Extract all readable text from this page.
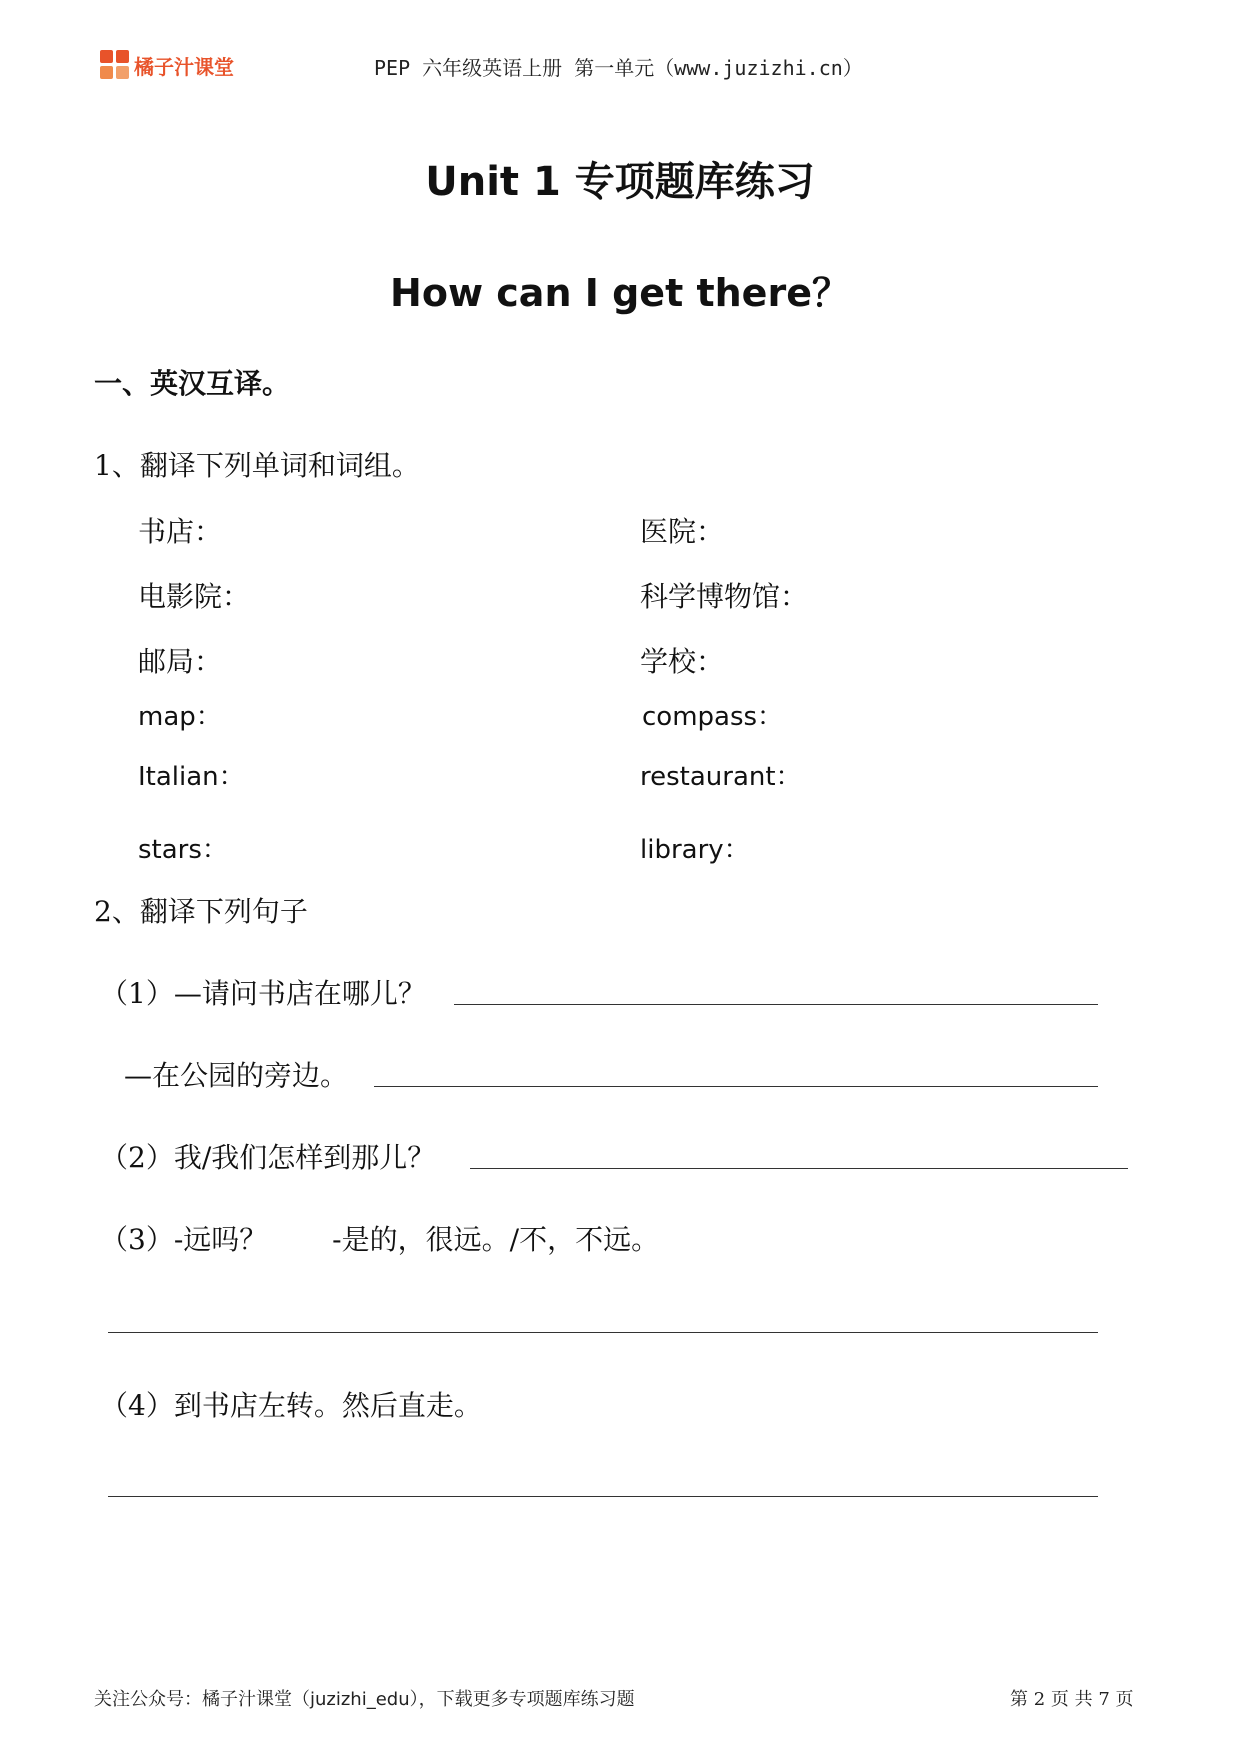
橘子汁课堂	PEP 六年级英语上册 第一单元（www.juzizhi.cn）
Unit 1 专项题库练习
How can I get there？
一、英汉互译。
1、翻译下列单词和词组。
书店：	医院：
电影院：	科学博物馆：
邮局：	学校：
map：	compass：
Italian：	restaurant：
stars：	library：
2、翻译下列句子
（1）—请问书店在哪儿？
—在公园的旁边。
（2）我/我们怎样到那儿？
（3）-远吗？　　 -是的，很远。/不，不远。
（4）到书店左转。然后直走。
关注公众号：橘子汁课堂（juzizhi_edu），下载更多专项题库练习题	第 2 页 共 7 页
